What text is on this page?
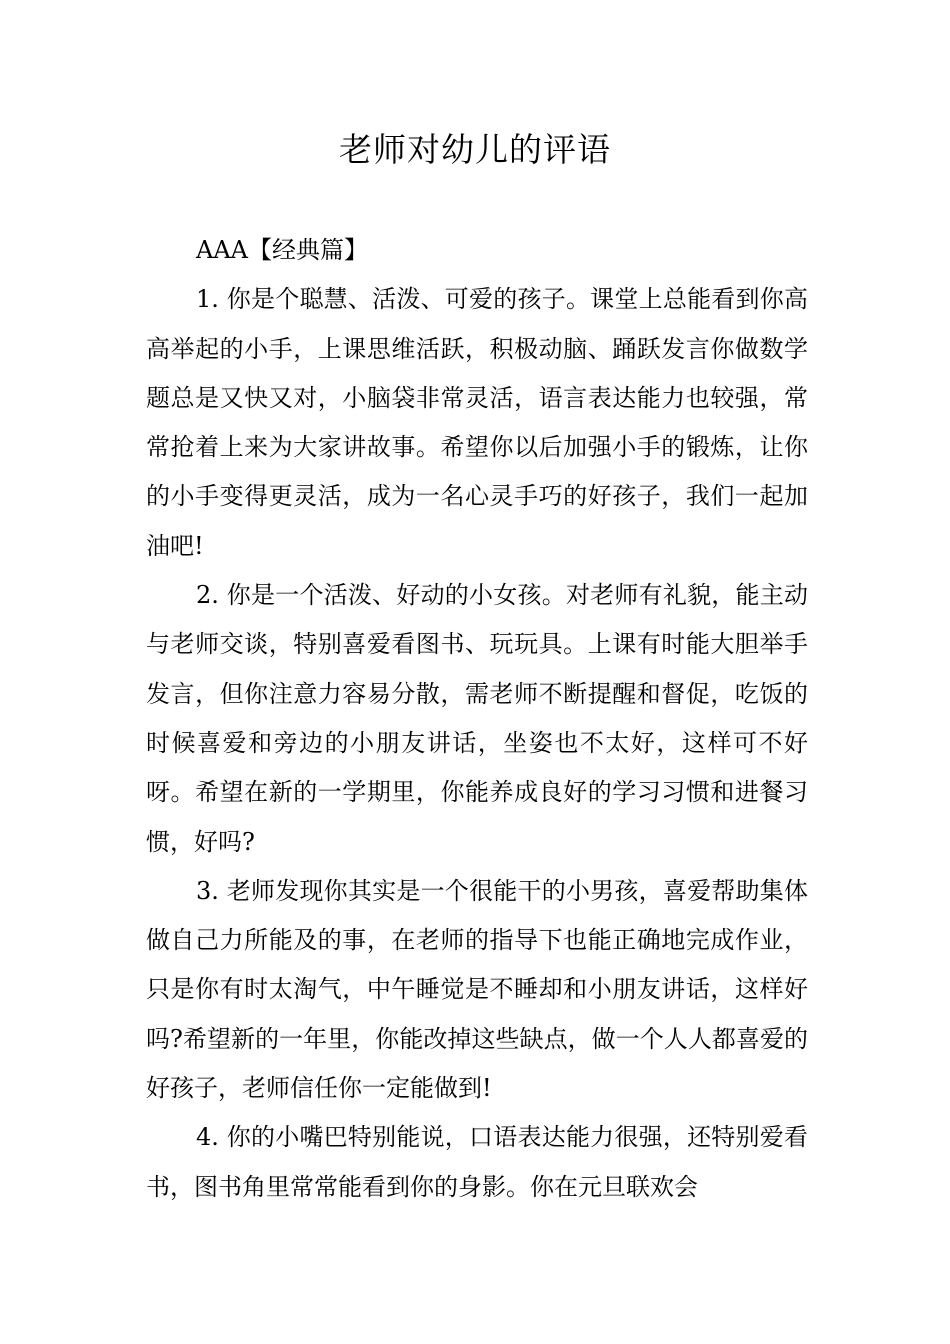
老师对幼儿的评语

AAA【经典篇】

1. 你是个聪慧、活泼、可爱的孩子。课堂上总能看到你高高举起的小手，上课思维活跃，积极动脑、踊跃发言你做数学题总是又快又对，小脑袋非常灵活，语言表达能力也较强，常常抢着上来为大家讲故事。希望你以后加强小手的锻炼，让你的小手变得更灵活，成为一名心灵手巧的好孩子，我们一起加油吧!

2. 你是一个活泼、好动的小女孩。对老师有礼貌，能主动与老师交谈，特别喜爱看图书、玩玩具。上课有时能大胆举手发言，但你注意力容易分散，需老师不断提醒和督促，吃饭的时候喜爱和旁边的小朋友讲话，坐姿也不太好，这样可不好呀。希望在新的一学期里，你能养成良好的学习习惯和进餐习惯，好吗?

3. 老师发现你其实是一个很能干的小男孩，喜爱帮助集体做自己力所能及的事，在老师的指导下也能正确地完成作业，只是你有时太淘气，中午睡觉是不睡却和小朋友讲话，这样好吗?希望新的一年里，你能改掉这些缺点，做一个人人都喜爱的好孩子，老师信任你一定能做到!

4. 你的小嘴巴特别能说，口语表达能力很强，还特别爱看书，图书角里常常能看到你的身影。你在元旦联欢会
